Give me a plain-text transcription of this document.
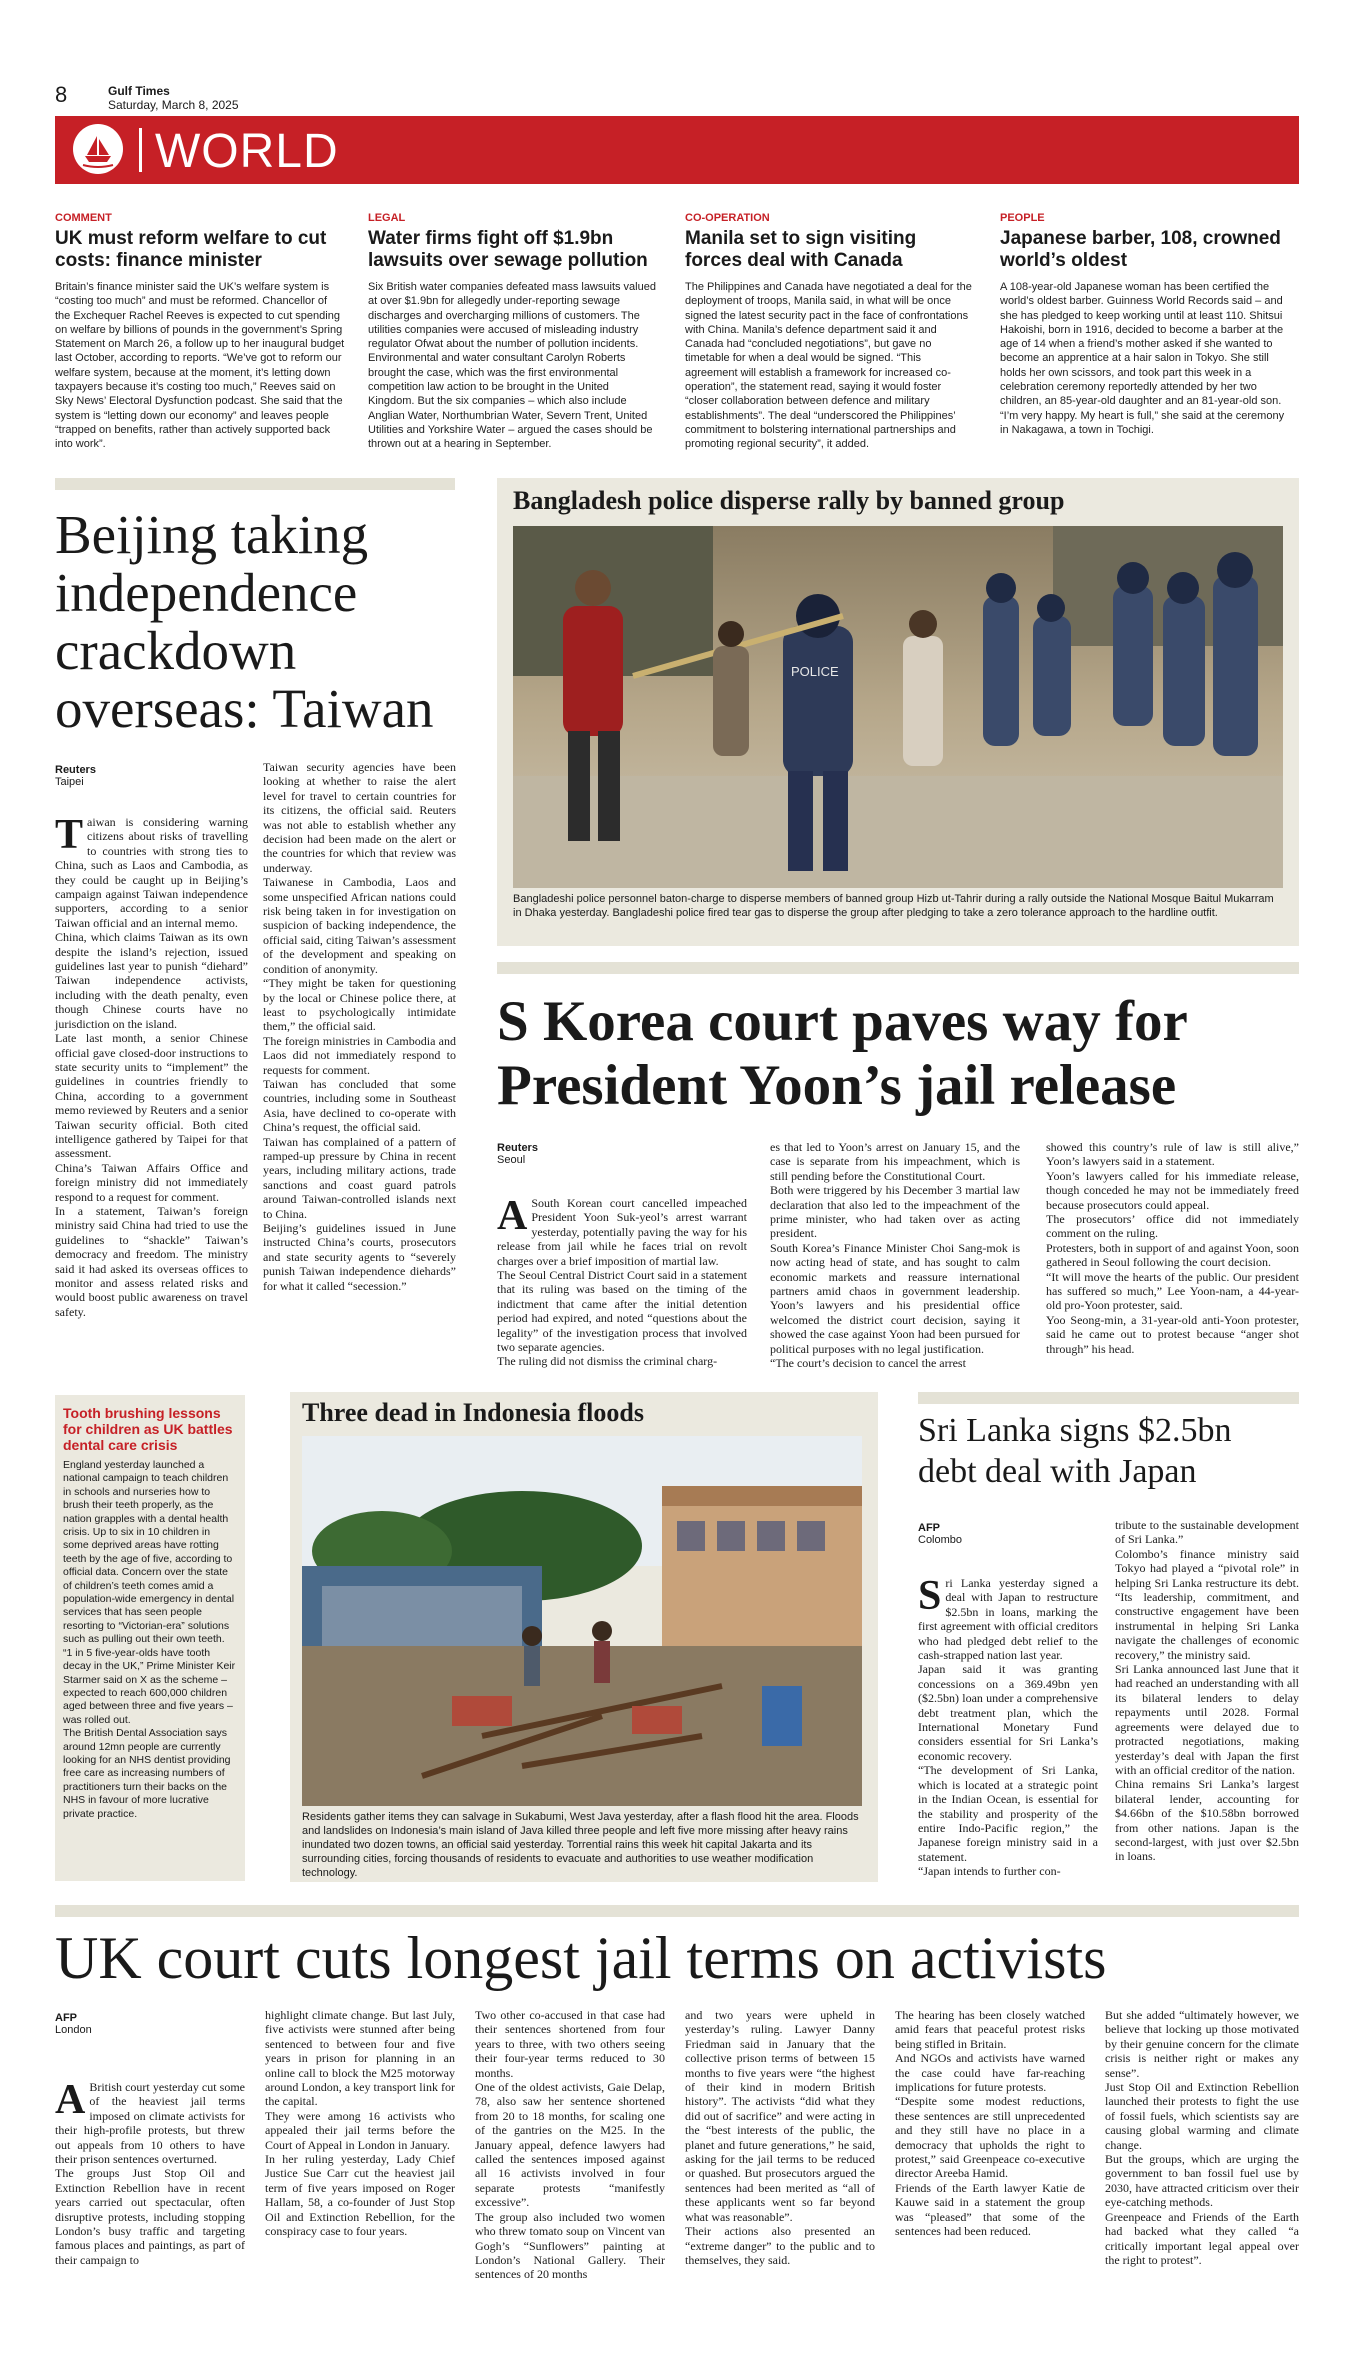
8	Gulf Times
Saturday, March 8, 2025
WORLD
COMMENT
UK must reform welfare to cut costs: finance minister
Britain’s finance minister said the UK’s welfare system is “costing too much” and must be reformed. Chancellor of the Exchequer Rachel Reeves is expected to cut spending on welfare by billions of pounds in the government’s Spring Statement on March 26, a follow up to her inaugural budget last October, according to reports. “We’ve got to reform our welfare system, because at the moment, it’s letting down taxpayers because it’s costing too much,” Reeves said on Sky News’ Electoral Dysfunction podcast. She said that the system is “letting down our economy” and leaves people “trapped on benefits, rather than actively supported back into work”.
LEGAL
Water firms fight off $1.9bn lawsuits over sewage pollution
Six British water companies defeated mass lawsuits valued at over $1.9bn for allegedly under-reporting sewage discharges and overcharging millions of customers. The utilities companies were accused of misleading industry regulator Ofwat about the number of pollution incidents. Environmental and water consultant Carolyn Roberts brought the case, which was the first environmental competition law action to be brought in the United Kingdom. But the six companies – which also include Anglian Water, Northumbrian Water, Severn Trent, United Utilities and Yorkshire Water – argued the cases should be thrown out at a hearing in September.
CO-OPERATION
Manila set to sign visiting forces deal with Canada
The Philippines and Canada have negotiated a deal for the deployment of troops, Manila said, in what will be once signed the latest security pact in the face of confrontations with China. Manila’s defence department said it and Canada had “concluded negotiations”, but gave no timetable for when a deal would be signed. “This agreement will establish a framework for increased co-operation”, the statement read, saying it would foster “closer collaboration between defence and military establishments”. The deal “underscored the Philippines’ commitment to bolstering international partnerships and promoting regional security”, it added.
PEOPLE
Japanese barber, 108, crowned world’s oldest
A 108-year-old Japanese woman has been certified the world’s oldest barber. Guinness World Records said – and she has pledged to keep working until at least 110. Shitsui Hakoishi, born in 1916, decided to become a barber at the age of 14 when a friend’s mother asked if she wanted to become an apprentice at a hair salon in Tokyo. She still holds her own scissors, and took part this week in a celebration ceremony reportedly attended by her two children, an 85-year-old daughter and an 81-year-old son. “I’m very happy. My heart is full,” she said at the ceremony in Nakagawa, a town in Tochigi.
Beijing taking independence crackdown overseas: Taiwan
Reuters
Taipei
Taiwan is considering warning citizens about risks of travelling to countries with strong ties to China, such as Laos and Cambodia, as they could be caught up in Beijing’s campaign against Taiwan independence supporters, according to a senior Taiwan official and an internal memo.
China, which claims Taiwan as its own despite the island’s rejection, issued guidelines last year to punish “diehard” Taiwan independence activists, including with the death penalty, even though Chinese courts have no jurisdiction on the island.
Late last month, a senior Chinese official gave closed-door instructions to state security units to “implement” the guidelines in countries friendly to China, according to a government memo reviewed by Reuters and a senior Taiwan security official. Both cited intelligence gathered by Taipei for that assessment.
China’s Taiwan Affairs Office and foreign ministry did not immediately respond to a request for comment.
In a statement, Taiwan’s foreign ministry said China had tried to use the guidelines to “shackle” Taiwan’s democracy and freedom. The ministry said it had asked its overseas offices to monitor and assess related risks and would boost public awareness on travel safety.
Taiwan security agencies have been looking at whether to raise the alert level for travel to certain countries for its citizens, the official said. Reuters was not able to establish whether any decision had been made on the alert or the countries for which that review was underway.
Taiwanese in Cambodia, Laos and some unspecified African nations could risk being taken in for investigation on suspicion of backing independence, the official said, citing Taiwan’s assessment of the development and speaking on condition of anonymity.
“They might be taken for questioning by the local or Chinese police there, at least to psychologically intimidate them,” the official said.
The foreign ministries in Cambodia and Laos did not immediately respond to requests for comment.
Taiwan has concluded that some countries, including some in Southeast Asia, have declined to co-operate with China’s request, the official said.
Taiwan has complained of a pattern of ramped-up pressure by China in recent years, including military actions, trade sanctions and coast guard patrols around Taiwan-controlled islands next to China.
Beijing’s guidelines issued in June instructed China’s courts, prosecutors and state security agents to “severely punish Taiwan independence diehards” for what it called “secession.”
Bangladesh police disperse rally by banned group
POLICE
Bangladeshi police personnel baton-charge to disperse members of banned group Hizb ut-Tahrir during a rally outside the National Mosque Baitul Mukarram in Dhaka yesterday. Bangladeshi police fired tear gas to disperse the group after pledging to take a zero tolerance approach to the hardline outfit.
S Korea court paves way for President Yoon’s jail release
Reuters
Seoul
A South Korean court cancelled impeached President Yoon Suk-yeol’s arrest warrant yesterday, potentially paving the way for his release from jail while he faces trial on revolt charges over a brief imposition of martial law.
The Seoul Central District Court said in a statement that its ruling was based on the timing of the indictment that came after the initial detention period had expired, and noted “questions about the legality” of the investigation process that involved two separate agencies.
The ruling did not dismiss the criminal charg-
es that led to Yoon’s arrest on January 15, and the case is separate from his impeachment, which is still pending before the Constitutional Court.
Both were triggered by his December 3 martial law declaration that also led to the impeachment of the prime minister, who had taken over as acting president.
South Korea’s Finance Minister Choi Sang-mok is now acting head of state, and has sought to calm economic markets and reassure international partners amid chaos in government leadership. Yoon’s lawyers and his presidential office welcomed the district court decision, saying it showed the case against Yoon had been pursued for political purposes with no legal justification.
“The court’s decision to cancel the arrest
showed this country’s rule of law is still alive,” Yoon’s lawyers said in a statement.
Yoon’s lawyers called for his immediate release, though conceded he may not be immediately freed because prosecutors could appeal.
The prosecutors’ office did not immediately comment on the ruling.
Protesters, both in support of and against Yoon, soon gathered in Seoul following the court decision.
“It will move the hearts of the public. Our president has suffered so much,” Lee Yoon-nam, a 44-year-old pro-Yoon protester, said.
Yoo Seong-min, a 31-year-old anti-Yoon protester, said he came out to protest because “anger shot through” his head.
Tooth brushing lessons for children as UK battles dental care crisis
England yesterday launched a national campaign to teach children in schools and nurseries how to brush their teeth properly, as the nation grapples with a dental health crisis. Up to six in 10 children in some deprived areas have rotting teeth by the age of five, according to official data. Concern over the state of children’s teeth comes amid a population-wide emergency in dental services that has seen people resorting to “Victorian-era” solutions such as pulling out their own teeth.
“1 in 5 five-year-olds have tooth decay in the UK,” Prime Minister Keir Starmer said on X as the scheme – expected to reach 600,000 children aged between three and five years – was rolled out.
The British Dental Association says around 12mn people are currently looking for an NHS dentist providing free care as increasing numbers of practitioners turn their backs on the NHS in favour of more lucrative private practice.
Three dead in Indonesia floods
Residents gather items they can salvage in Sukabumi, West Java yesterday, after a flash flood hit the area. Floods and landslides on Indonesia’s main island of Java killed three people and left five more missing after heavy rains inundated two dozen towns, an official said yesterday. Torrential rains this week hit capital Jakarta and its surrounding cities, forcing thousands of residents to evacuate and authorities to use weather modification technology.
Sri Lanka signs $2.5bn debt deal with Japan
AFP
Colombo
Sri Lanka yesterday signed a deal with Japan to restructure $2.5bn in loans, marking the first agreement with official creditors who had pledged debt relief to the cash-strapped nation last year.
Japan said it was granting concessions on a 369.49bn yen ($2.5bn) loan under a comprehensive debt treatment plan, which the International Monetary Fund considers essential for Sri Lanka’s economic recovery.
“The development of Sri Lanka, which is located at a strategic point in the Indian Ocean, is essential for the stability and prosperity of the entire Indo-Pacific region,” the Japanese foreign ministry said in a statement.
“Japan intends to further con-
tribute to the sustainable development of Sri Lanka.”
Colombo’s finance ministry said Tokyo had played a “pivotal role” in helping Sri Lanka restructure its debt. “Its leadership, commitment, and constructive engagement have been instrumental in helping Sri Lanka navigate the challenges of economic recovery,” the ministry said.
Sri Lanka announced last June that it had reached an understanding with all its bilateral lenders to delay repayments until 2028. Formal agreements were delayed due to protracted negotiations, making yesterday’s deal with Japan the first with an official creditor of the nation.
China remains Sri Lanka’s largest bilateral lender, accounting for $4.66bn of the $10.58bn borrowed from other nations. Japan is the second-largest, with just over $2.5bn in loans.
UK court cuts longest jail terms on activists
AFP
London
A British court yesterday cut some of the heaviest jail terms imposed on climate activists for their high-profile protests, but threw out appeals from 10 others to have their prison sentences overturned.
The groups Just Stop Oil and Extinction Rebellion have in recent years carried out spectacular, often disruptive protests, including stopping London’s busy traffic and targeting famous places and paintings, as part of their campaign to
highlight climate change. But last July, five activists were stunned after being sentenced to between four and five years in prison for planning in an online call to block the M25 motorway around London, a key transport link for the capital.
They were among 16 activists who appealed their jail terms before the Court of Appeal in London in January.
In her ruling yesterday, Lady Chief Justice Sue Carr cut the heaviest jail term of five years imposed on Roger Hallam, 58, a co-founder of Just Stop Oil and Extinction Rebellion, for the conspiracy case to four years.
Two other co-accused in that case had their sentences shortened from four years to three, with two others seeing their four-year terms reduced to 30 months.
One of the oldest activists, Gaie Delap, 78, also saw her sentence shortened from 20 to 18 months, for scaling one of the gantries on the M25. In the January appeal, defence lawyers had called the sentences imposed against all 16 activists involved in four separate protests “manifestly excessive”.
The group also included two women who threw tomato soup on Vincent van Gogh’s “Sunflowers” painting at London’s National Gallery. Their sentences of 20 months
and two years were upheld in yesterday’s ruling. Lawyer Danny Friedman said in January that the collective prison terms of between 15 months to five years were “the highest of their kind in modern British history”. The activists “did what they did out of sacrifice” and were acting in the “best interests of the public, the planet and future generations,” he said, asking for the jail terms to be reduced or quashed. But prosecutors argued the sentences had been merited as “all of these applicants went so far beyond what was reasonable”.
Their actions also presented an “extreme danger” to the public and to themselves, they said.
The hearing has been closely watched amid fears that peaceful protest risks being stifled in Britain.
And NGOs and activists have warned the case could have far-reaching implications for future protests.
“Despite some modest reductions, these sentences are still unprecedented and they still have no place in a democracy that upholds the right to protest,” said Greenpeace co-executive director Areeba Hamid.
Friends of the Earth lawyer Katie de Kauwe said in a statement the group was “pleased” that some of the sentences had been reduced.
But she added “ultimately however, we believe that locking up those motivated by their genuine concern for the climate crisis is neither right or makes any sense”.
Just Stop Oil and Extinction Rebellion launched their protests to fight the use of fossil fuels, which scientists say are causing global warming and climate change.
But the groups, which are urging the government to ban fossil fuel use by 2030, have attracted criticism over their eye-catching methods.
Greenpeace and Friends of the Earth had backed what they called “a critically important legal appeal over the right to protest”.
